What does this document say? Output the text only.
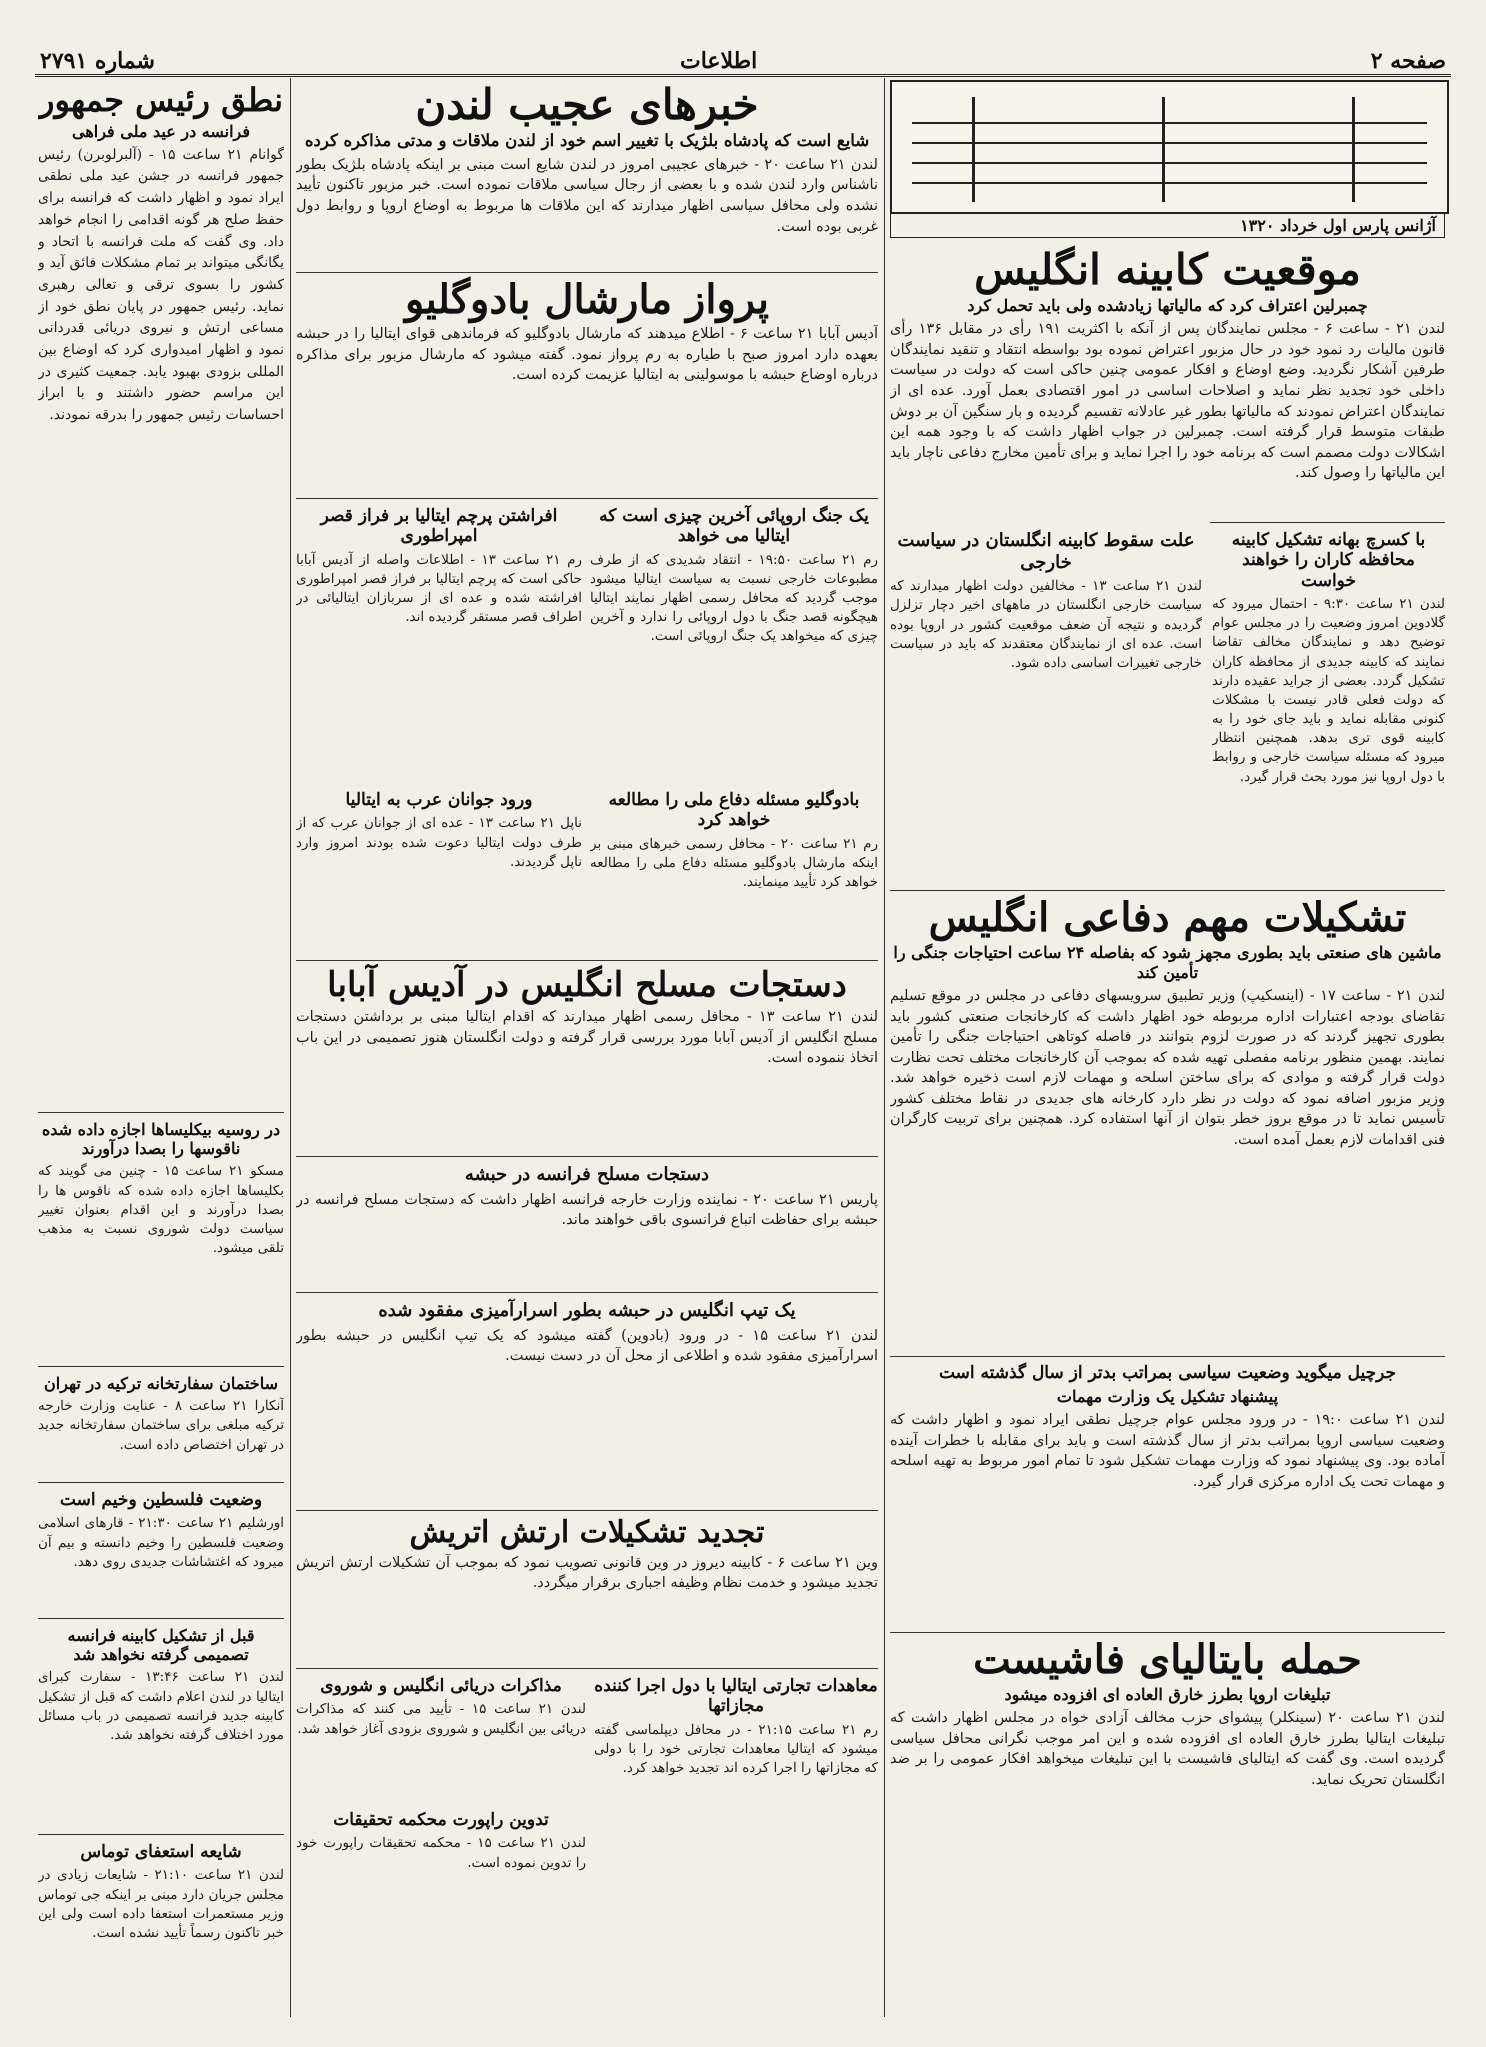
صفحه ۲
اطلاعات
شماره ۲۷۹۱
آژانس پارس اول خرداد ۱۳۲۰
موقعیت کابینه انگلیس
چمبرلین اعتراف کرد که مالیاتها زیادشده ولی باید تحمل کرد
لندن ۲۱ - ساعت ۶ - مجلس نمایندگان پس از آنکه با اکثریت ۱۹۱ رأی در مقابل ۱۳۶ رأی قانون مالیات رد نمود خود در حال مزبور اعتراض نموده بود بواسطه انتقاد و تنقید نمایندگان طرفین آشکار نگردید. وضع اوضاع و افکار عمومی چنین حاکی است که دولت در سیاست داخلی خود تجدید نظر نماید و اصلاحات اساسی در امور اقتصادی بعمل آورد. عده ای از نمایندگان اعتراض نمودند که مالیاتها بطور غیر عادلانه تقسیم گردیده و بار سنگین آن بر دوش طبقات متوسط قرار گرفته است. چمبرلین در جواب اظهار داشت که با وجود همه این اشکالات دولت مصمم است که برنامه خود را اجرا نماید و برای تأمین مخارج دفاعی ناچار باید این مالیاتها را وصول کند.
با کسرچ بهانه تشکیل کابینه محافظه کاران را خواهند خواست
لندن ۲۱ ساعت ۹:۳۰ - احتمال میرود که گلادوین امروز وضعیت را در مجلس عوام توضیح دهد و نمایندگان مخالف تقاضا نمایند که کابینه جدیدی از محافظه کاران تشکیل گردد. بعضی از جراید عقیده دارند که دولت فعلی قادر نیست با مشکلات کنونی مقابله نماید و باید جای خود را به کابینه قوی تری بدهد. همچنین انتظار میرود که مسئله سیاست خارجی و روابط با دول اروپا نیز مورد بحث قرار گیرد.
علت سقوط کابینه انگلستان در سیاست خارجی
لندن ۲۱ ساعت ۱۳ - مخالفین دولت اظهار میدارند که سیاست خارجی انگلستان در ماههای اخیر دچار تزلزل گردیده و نتیجه آن ضعف موقعیت کشور در اروپا بوده است. عده ای از نمایندگان معتقدند که باید در سیاست خارجی تغییرات اساسی داده شود.
تشکیلات مهم دفاعی انگلیس
ماشین های صنعتی باید بطوری مجهز شود که بفاصله ۲۴ ساعت احتیاجات جنگی را تأمین کند
لندن ۲۱ - ساعت ۱۷ - (اینسکیپ) وزیر تطبیق سرویسهای دفاعی در مجلس در موقع تسلیم تقاضای بودجه اعتبارات اداره مربوطه خود اظهار داشت که کارخانجات صنعتی کشور باید بطوری تجهیز گردند که در صورت لزوم بتوانند در فاصله کوتاهی احتیاجات جنگی را تأمین نمایند. بهمین منظور برنامه مفصلی تهیه شده که بموجب آن کارخانجات مختلف تحت نظارت دولت قرار گرفته و موادی که برای ساختن اسلحه و مهمات لازم است ذخیره خواهد شد. وزیر مزبور اضافه نمود که دولت در نظر دارد کارخانه های جدیدی در نقاط مختلف کشور تأسیس نماید تا در موقع بروز خطر بتوان از آنها استفاده کرد. همچنین برای تربیت کارگران فنی اقدامات لازم بعمل آمده است.
جرچیل میگوید وضعیت سیاسی بمراتب بدتر از سال گذشته است
پیشنهاد تشکیل یک وزارت مهمات
لندن ۲۱ ساعت ۱۹:۰ - در ورود مجلس عوام جرچیل نطقی ایراد نمود و اظهار داشت که وضعیت سیاسی اروپا بمراتب بدتر از سال گذشته است و باید برای مقابله با خطرات آینده آماده بود. وی پیشنهاد نمود که وزارت مهمات تشکیل شود تا تمام امور مربوط به تهیه اسلحه و مهمات تحت یک اداره مرکزی قرار گیرد.
حمله بایتالیای فاشیست
تبلیغات اروپا بطرز خارق العاده ای افزوده میشود
لندن ۲۱ ساعت ۲۰ (سینکلر) پیشوای حزب مخالف آزادی خواه در مجلس اظهار داشت که تبلیغات ایتالیا بطرز خارق العاده ای افزوده شده و این امر موجب نگرانی محافل سیاسی گردیده است. وی گفت که ایتالیای فاشیست با این تبلیغات میخواهد افکار عمومی را بر ضد انگلستان تحریک نماید.
خبرهای عجیب لندن
شایع است که پادشاه بلژیک با تغییر اسم خود از لندن ملاقات و مدتی مذاکره کرده
لندن ۲۱ ساعت ۲۰ - خبرهای عجیبی امروز در لندن شایع است مبنی بر اینکه پادشاه بلژیک بطور ناشناس وارد لندن شده و با بعضی از رجال سیاسی ملاقات نموده است. خبر مزبور تاکنون تأیید نشده ولی محافل سیاسی اظهار میدارند که این ملاقات ها مربوط به اوضاع اروپا و روابط دول غربی بوده است.
پرواز مارشال بادوگلیو
آدیس آبابا ۲۱ ساعت ۶ - اطلاع میدهند که مارشال بادوگلیو که فرماندهی قوای ایتالیا را در حبشه بعهده دارد امروز صبح با طیاره به رم پرواز نمود. گفته میشود که مارشال مزبور برای مذاکره درباره اوضاع حبشه با موسولینی به ایتالیا عزیمت کرده است.
یک جنگ اروپائی آخرین چیزی است که ایتالیا می خواهد
رم ۲۱ ساعت ۱۹:۵۰ - انتقاد شدیدی که از طرف مطبوعات خارجی نسبت به سیاست ایتالیا میشود موجب گردید که محافل رسمی اظهار نمایند ایتالیا هیچگونه قصد جنگ با دول اروپائی را ندارد و آخرین چیزی که میخواهد یک جنگ اروپائی است.
افراشتن پرچم ایتالیا بر فراز قصر امپراطوری
رم ۲۱ ساعت ۱۳ - اطلاعات واصله از آدیس آبابا حاکی است که پرچم ایتالیا بر فراز قصر امپراطوری افراشته شده و عده ای از سربازان ایتالیائی در اطراف قصر مستقر گردیده اند.
بادوگلیو مسئله دفاع ملی را مطالعه خواهد کرد
رم ۲۱ ساعت ۲۰ - محافل رسمی خبرهای مبنی بر اینکه مارشال بادوگلیو مسئله دفاع ملی را مطالعه خواهد کرد تأیید مینمایند.
ورود جوانان عرب به ایتالیا
ناپل ۲۱ ساعت ۱۳ - عده ای از جوانان عرب که از طرف دولت ایتالیا دعوت شده بودند امروز وارد ناپل گردیدند.
دستجات مسلح انگلیس در آدیس آبابا
لندن ۲۱ ساعت ۱۳ - محافل رسمی اظهار میدارند که اقدام ایتالیا مبنی بر برداشتن دستجات مسلح انگلیس از آدیس آبابا مورد بررسی قرار گرفته و دولت انگلستان هنوز تصمیمی در این باب اتخاذ ننموده است.
دستجات مسلح فرانسه در حبشه
پاریس ۲۱ ساعت ۲۰ - نماینده وزارت خارجه فرانسه اظهار داشت که دستجات مسلح فرانسه در حبشه برای حفاظت اتباع فرانسوی باقی خواهند ماند.
یک تیپ انگلیس در حبشه بطور اسرارآمیزی مفقود شده
لندن ۲۱ ساعت ۱۵ - در ورود (بادوین) گفته میشود که یک تیپ انگلیس در حبشه بطور اسرارآمیزی مفقود شده و اطلاعی از محل آن در دست نیست.
تجدید تشکیلات ارتش اتریش
وین ۲۱ ساعت ۶ - کابینه دیروز در وین قانونی تصویب نمود که بموجب آن تشکیلات ارتش اتریش تجدید میشود و خدمت نظام وظیفه اجباری برقرار میگردد.
مذاکرات دریائی انگلیس و شوروی
لندن ۲۱ ساعت ۱۵ - تأیید می کنند که مذاکرات دریائی بین انگلیس و شوروی بزودی آغاز خواهد شد.
تدوین راپورت محکمه تحقیقات
لندن ۲۱ ساعت ۱۵ - محکمه تحقیقات راپورت خود را تدوین نموده است.
معاهدات تجارتی ایتالیا با دول اجرا کننده مجازاتها
رم ۲۱ ساعت ۲۱:۱۵ - در محافل دیپلماسی گفته میشود که ایتالیا معاهدات تجارتی خود را با دولی که مجازاتها را اجرا کرده اند تجدید خواهد کرد.
نطق رئیس جمهور
فرانسه در عید ملی فراهی
گوانام ۲۱ ساعت ۱۵ - (آلبرلوبرن) رئیس جمهور فرانسه در جشن عید ملی نطقی ایراد نمود و اظهار داشت که فرانسه برای حفظ صلح هر گونه اقدامی را انجام خواهد داد. وی گفت که ملت فرانسه با اتحاد و یگانگی میتواند بر تمام مشکلات فائق آید و کشور را بسوی ترقی و تعالی رهبری نماید. رئیس جمهور در پایان نطق خود از مساعی ارتش و نیروی دریائی قدردانی نمود و اظهار امیدواری کرد که اوضاع بین المللی بزودی بهبود یابد. جمعیت کثیری در این مراسم حضور داشتند و با ابراز احساسات رئیس جمهور را بدرقه نمودند.
در روسیه بیکلیساها اجازه داده شده ناقوسها را بصدا درآورند
مسکو ۲۱ ساعت ۱۵ - چنین می گویند که بکلیساها اجازه داده شده که ناقوس ها را بصدا درآورند و این اقدام بعنوان تغییر سیاست دولت شوروی نسبت به مذهب تلقی میشود.
ساختمان سفارتخانه ترکیه در تهران
آنکارا ۲۱ ساعت ۸ - عنایت وزارت خارجه ترکیه مبلغی برای ساختمان سفارتخانه جدید در تهران اختصاص داده است.
وضعیت فلسطین وخیم است
اورشلیم ۲۱ ساعت ۲۱:۳۰ - قارهای اسلامی وضعیت فلسطین را وخیم دانسته و بیم آن میرود که اغتشاشات جدیدی روی دهد.
قبل از تشکیل کابینه فرانسه تصمیمی گرفته نخواهد شد
لندن ۲۱ ساعت ۱۳:۴۶ - سفارت کبرای ایتالیا در لندن اعلام داشت که قبل از تشکیل کابینه جدید فرانسه تصمیمی در باب مسائل مورد اختلاف گرفته نخواهد شد.
شایعه استعفای توماس
لندن ۲۱ ساعت ۲۱:۱۰ - شایعات زیادی در مجلس جریان دارد مبنی بر اینکه جی توماس وزیر مستعمرات استعفا داده است ولی این خبر تاکنون رسماً تأیید نشده است.
